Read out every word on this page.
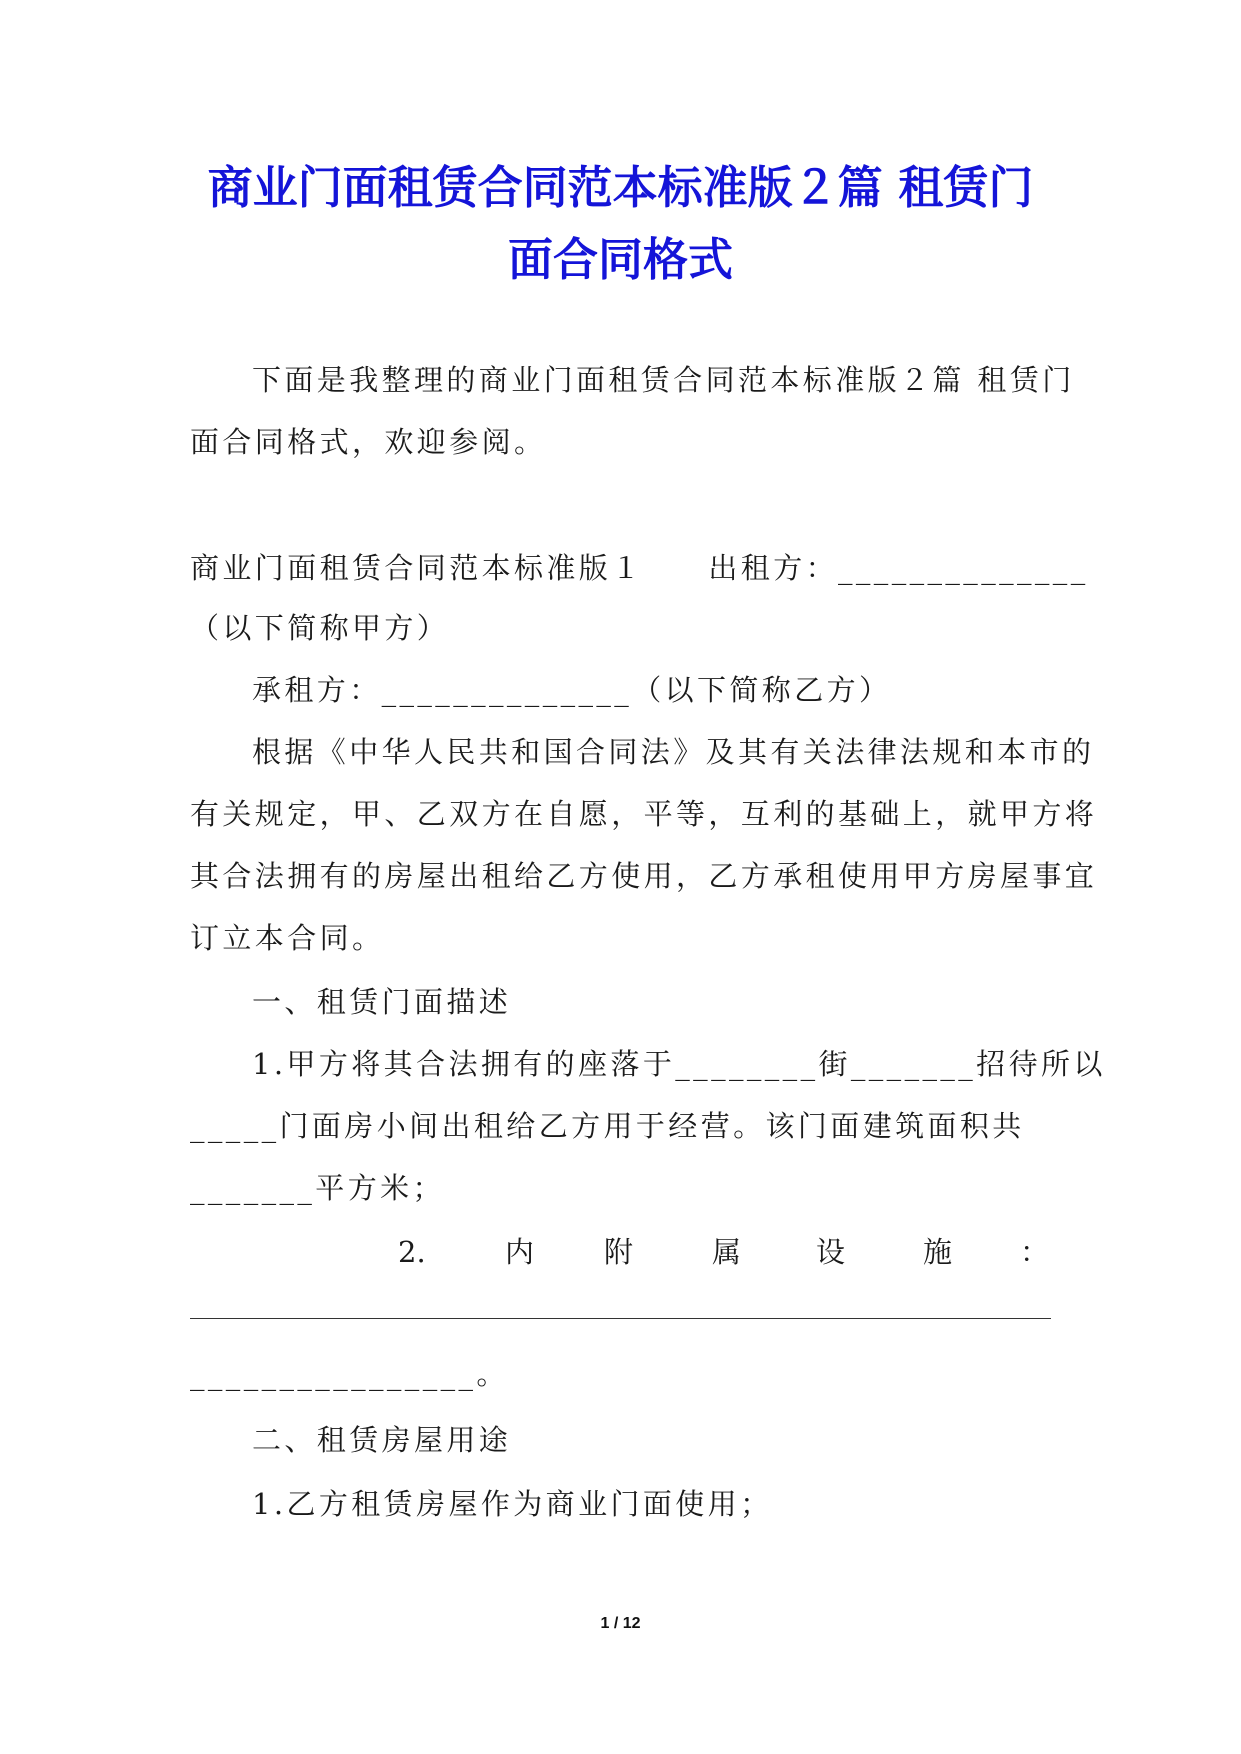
商业门面租赁合同范本标准版２篇 租赁门
面合同格式
下面是我整理的商业门面租赁合同范本标准版２篇 租赁门
面合同格式，欢迎参阅。
商业门面租赁合同范本标准版１　　出租方：______________
（以下简称甲方）
承租方：______________（以下简称乙方）
根据《中华人民共和国合同法》及其有关法律法规和本市的
有关规定，甲、乙双方在自愿，平等，互利的基础上，就甲方将
其合法拥有的房屋出租给乙方使用，乙方承租使用甲方房屋事宜
订立本合同。
一、租赁门面描述
1.甲方将其合法拥有的座落于________街_______招待所以
_____门面房小间出租给乙方用于经营。该门面建筑面积共
_______平方米；
2.	内 附	属	设	施 ：
________________。
二、租赁房屋用途
1.乙方租赁房屋作为商业门面使用；
1 / 12
